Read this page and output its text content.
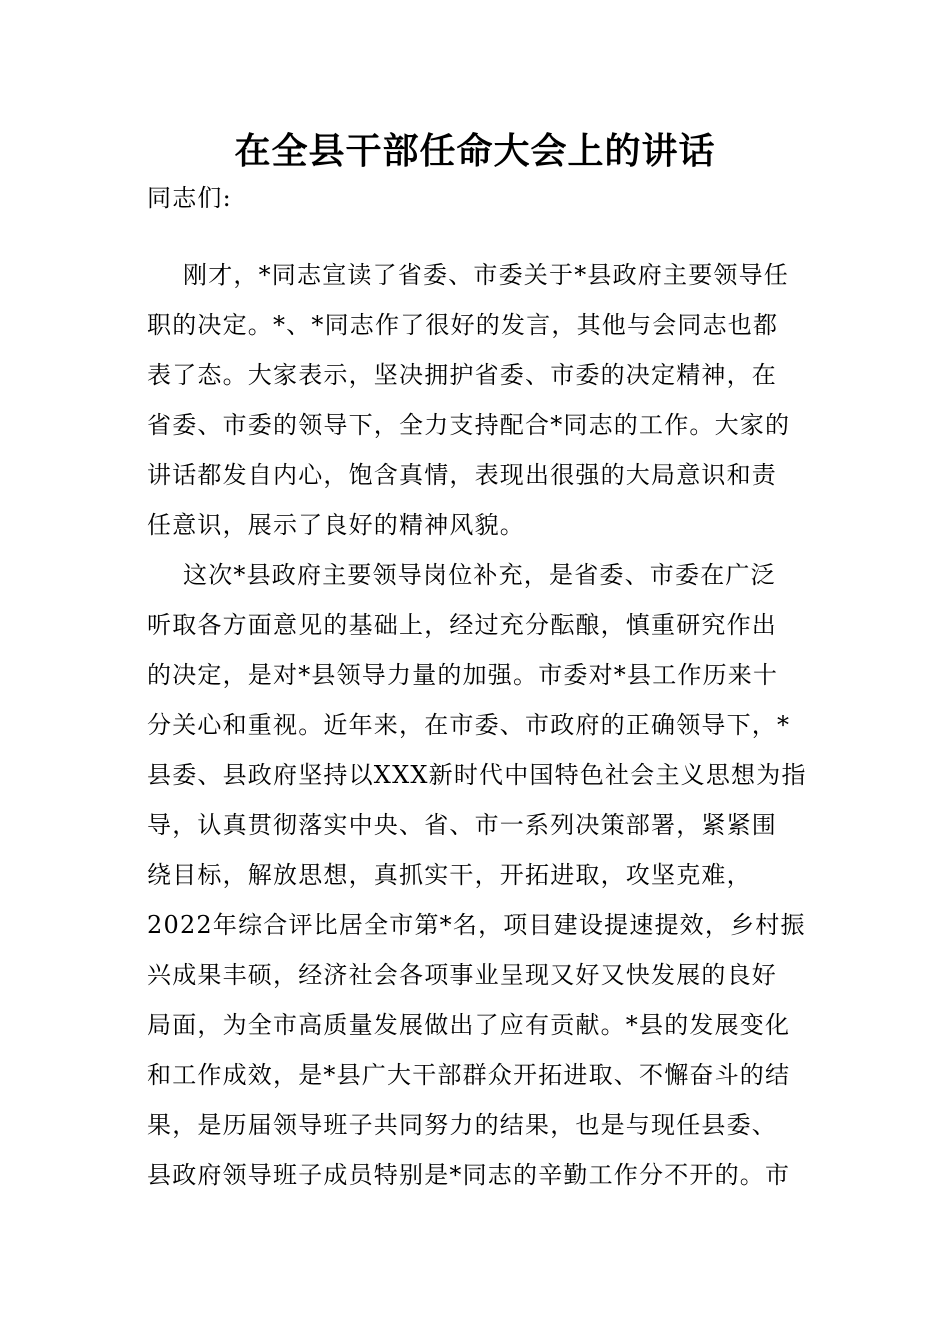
在全县干部任命大会上的讲话
同志们:
刚才，*同志宣读了省委、市委关于*县政府主要领导任
职的决定。*、*同志作了很好的发言，其他与会同志也都
表了态。大家表示，坚决拥护省委、市委的决定精神，在
省委、市委的领导下，全力支持配合*同志的工作。大家的
讲话都发自内心，饱含真情，表现出很强的大局意识和责
任意识，展示了良好的精神风貌。
这次*县政府主要领导岗位补充，是省委、市委在广泛
听取各方面意见的基础上，经过充分酝酿，慎重研究作出
的决定，是对*县领导力量的加强。市委对*县工作历来十
分关心和重视。近年来，在市委、市政府的正确领导下，*
县委、县政府坚持以XXX新时代中国特色社会主义思想为指
导，认真贯彻落实中央、省、市一系列决策部署，紧紧围
绕目标，解放思想，真抓实干，开拓进取，攻坚克难，
2022年综合评比居全市第*名，项目建设提速提效，乡村振
兴成果丰硕，经济社会各项事业呈现又好又快发展的良好
局面，为全市高质量发展做出了应有贡献。*县的发展变化
和工作成效，是*县广大干部群众开拓进取、不懈奋斗的结
果，是历届领导班子共同努力的结果，也是与现任县委、
县政府领导班子成员特别是*同志的辛勤工作分不开的。市
